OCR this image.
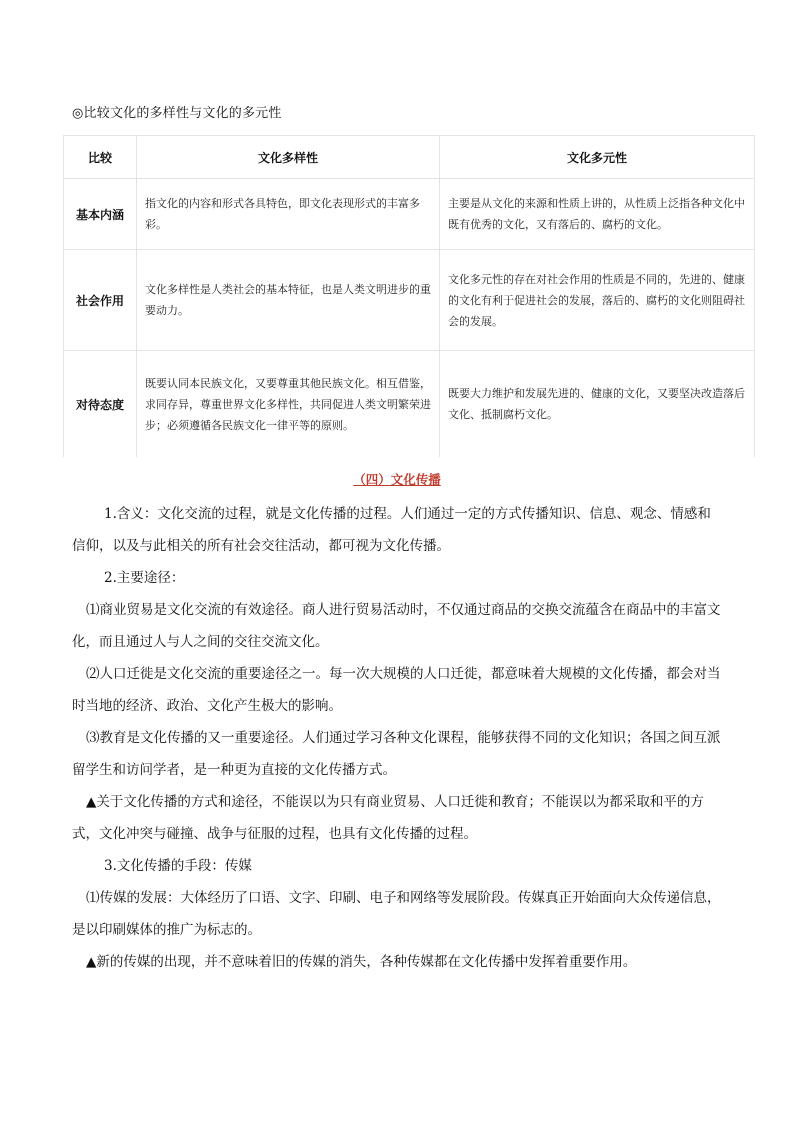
◎比较文化的多样性与文化的多元性
比较	文化多样性	文化多元性
基本内涵	指文化的内容和形式各具特色，即文化表现形式的丰富多彩。	主要是从文化的来源和性质上讲的，从性质上泛指各种文化中既有优秀的文化，又有落后的、腐朽的文化。
社会作用	文化多样性是人类社会的基本特征，也是人类文明进步的重要动力。	文化多元性的存在对社会作用的性质是不同的，先进的、健康的文化有利于促进社会的发展，落后的、腐朽的文化则阻碍社会的发展。
对待态度	既要认同本民族文化，又要尊重其他民族文化。相互借鉴，求同存异，尊重世界文化多样性，共同促进人类文明繁荣进步；必须遵循各民族文化一律平等的原则。	既要大力维护和发展先进的、健康的文化，又要坚决改造落后文化、抵制腐朽文化。
（四）文化传播

1.含义：文化交流的过程，就是文化传播的过程。人们通过一定的方式传播知识、信息、观念、情感和信仰，以及与此相关的所有社会交往活动，都可视为文化传播。

2.主要途径：

⑴商业贸易是文化交流的有效途径。商人进行贸易活动时，不仅通过商品的交换交流蕴含在商品中的丰富文化，而且通过人与人之间的交往交流文化。

⑵人口迁徙是文化交流的重要途径之一。每一次大规模的人口迁徙，都意味着大规模的文化传播，都会对当时当地的经济、政治、文化产生极大的影响。

⑶教育是文化传播的又一重要途径。人们通过学习各种文化课程，能够获得不同的文化知识；各国之间互派留学生和访问学者，是一种更为直接的文化传播方式。

▲关于文化传播的方式和途径，不能误以为只有商业贸易、人口迁徙和教育；不能误以为都采取和平的方式，文化冲突与碰撞、战争与征服的过程，也具有文化传播的过程。

3.文化传播的手段：传媒

⑴传媒的发展：大体经历了口语、文字、印刷、电子和网络等发展阶段。传媒真正开始面向大众传递信息，是以印刷媒体的推广为标志的。

▲新的传媒的出现，并不意味着旧的传媒的消失，各种传媒都在文化传播中发挥着重要作用。
